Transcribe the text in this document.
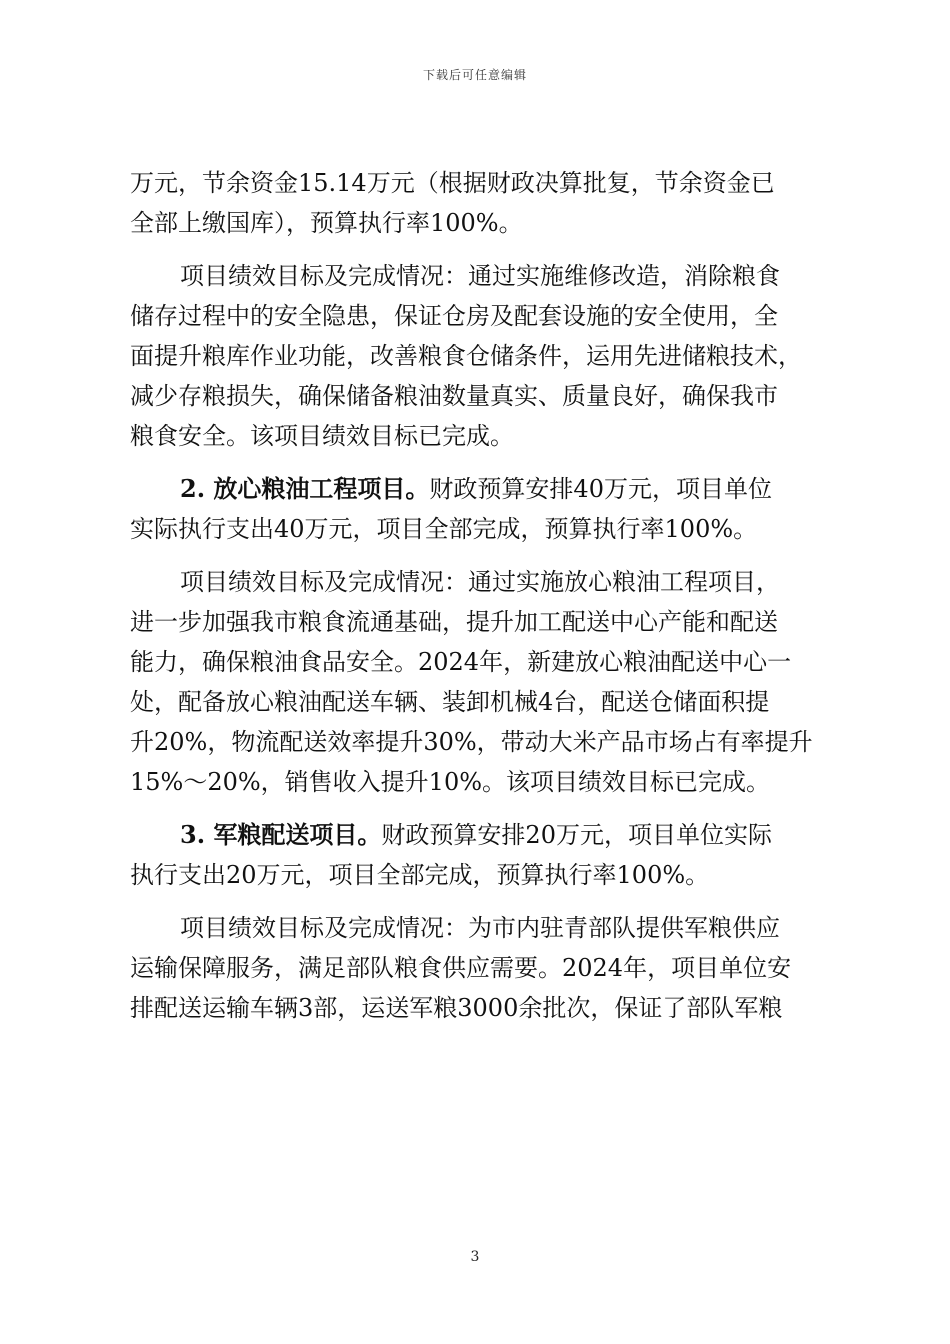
下载后可任意编辑
万元，节余资金15.14万元（根据财政决算批复，节余资金已
全部上缴国库），预算执行率100%。
项目绩效目标及完成情况：通过实施维修改造，消除粮食
储存过程中的安全隐患，保证仓房及配套设施的安全使用，全
面提升粮库作业功能，改善粮食仓储条件，运用先进储粮技术，
减少存粮损失，确保储备粮油数量真实、质量良好，确保我市
粮食安全。该项目绩效目标已完成。
2. 放心粮油工程项目。财政预算安排40万元，项目单位
实际执行支出40万元，项目全部完成，预算执行率100%。
项目绩效目标及完成情况：通过实施放心粮油工程项目，
进一步加强我市粮食流通基础，提升加工配送中心产能和配送
能力，确保粮油食品安全。2024年，新建放心粮油配送中心一
处，配备放心粮油配送车辆、装卸机械4台，配送仓储面积提
升20%，物流配送效率提升30%，带动大米产品市场占有率提升
15%～20%，销售收入提升10%。该项目绩效目标已完成。
3. 军粮配送项目。财政预算安排20万元，项目单位实际
执行支出20万元，项目全部完成，预算执行率100%。
项目绩效目标及完成情况：为市内驻青部队提供军粮供应
运输保障服务，满足部队粮食供应需要。2024年，项目单位安
排配送运输车辆3部，运送军粮3000余批次，保证了部队军粮
3
